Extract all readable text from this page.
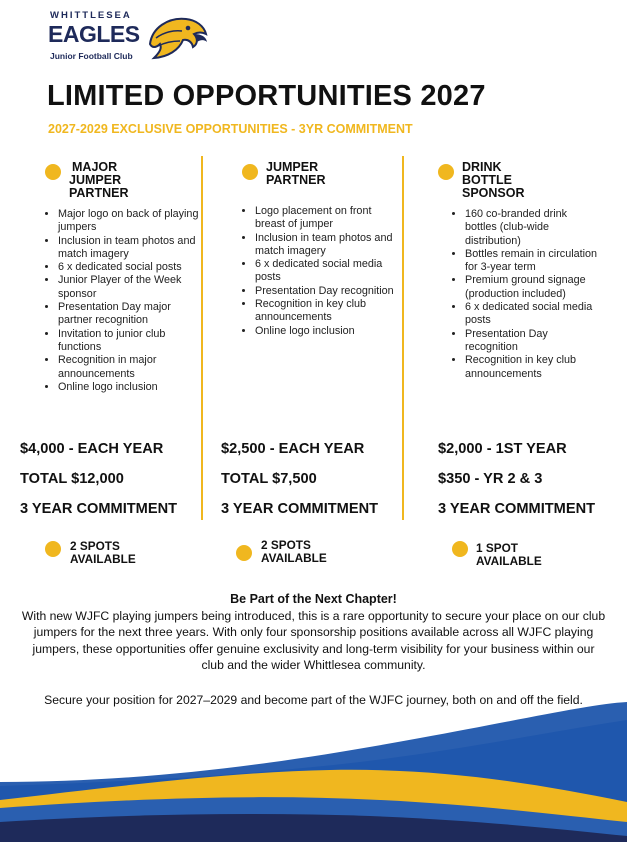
WHITTLESEA
EAGLES
Junior Football Club
LIMITED OPPORTUNITIES 2027
2027-2029 EXCLUSIVE OPPORTUNITIES - 3YR COMMITMENT
MAJOR
JUMPER
PARTNER
• Major logo on back of playing jumpers
• Inclusion in team photos and match imagery
• 6 x dedicated social posts
• Junior Player of the Week sponsor
• Presentation Day major partner recognition
• Invitation to junior club functions
• Recognition in major announcements
• Online logo inclusion
$4,000 - EACH YEAR
TOTAL $12,000
3 YEAR COMMITMENT
2 SPOTS
AVAILABLE
JUMPER
PARTNER
• Logo placement on front breast of jumper
• Inclusion in team photos and match imagery
• 6 x dedicated social media posts
• Presentation Day recognition
• Recognition in key club announcements
• Online logo inclusion
$2,500 - EACH YEAR
TOTAL $7,500
3 YEAR COMMITMENT
2 SPOTS
AVAILABLE
DRINK BOTTLE
SPONSOR
• 160 co-branded drink bottles (club-wide distribution)
• Bottles remain in circulation for 3-year term
• Premium ground signage (production included)
• 6 x dedicated social media posts
• Presentation Day recognition
• Recognition in key club announcements
$2,000 - 1ST YEAR
$350 - YR 2 & 3
3 YEAR COMMITMENT
1 SPOT
AVAILABLE
Be Part of the Next Chapter!

With new WJFC playing jumpers being introduced, this is a rare opportunity to secure your place on our club jumpers for the next three years. With only four sponsorship positions available across all WJFC playing jumpers, these opportunities offer genuine exclusivity and long-term visibility for your business within our club and the wider Whittlesea community.

Secure your position for 2027–2029 and become part of the WJFC journey, both on and off the field.
